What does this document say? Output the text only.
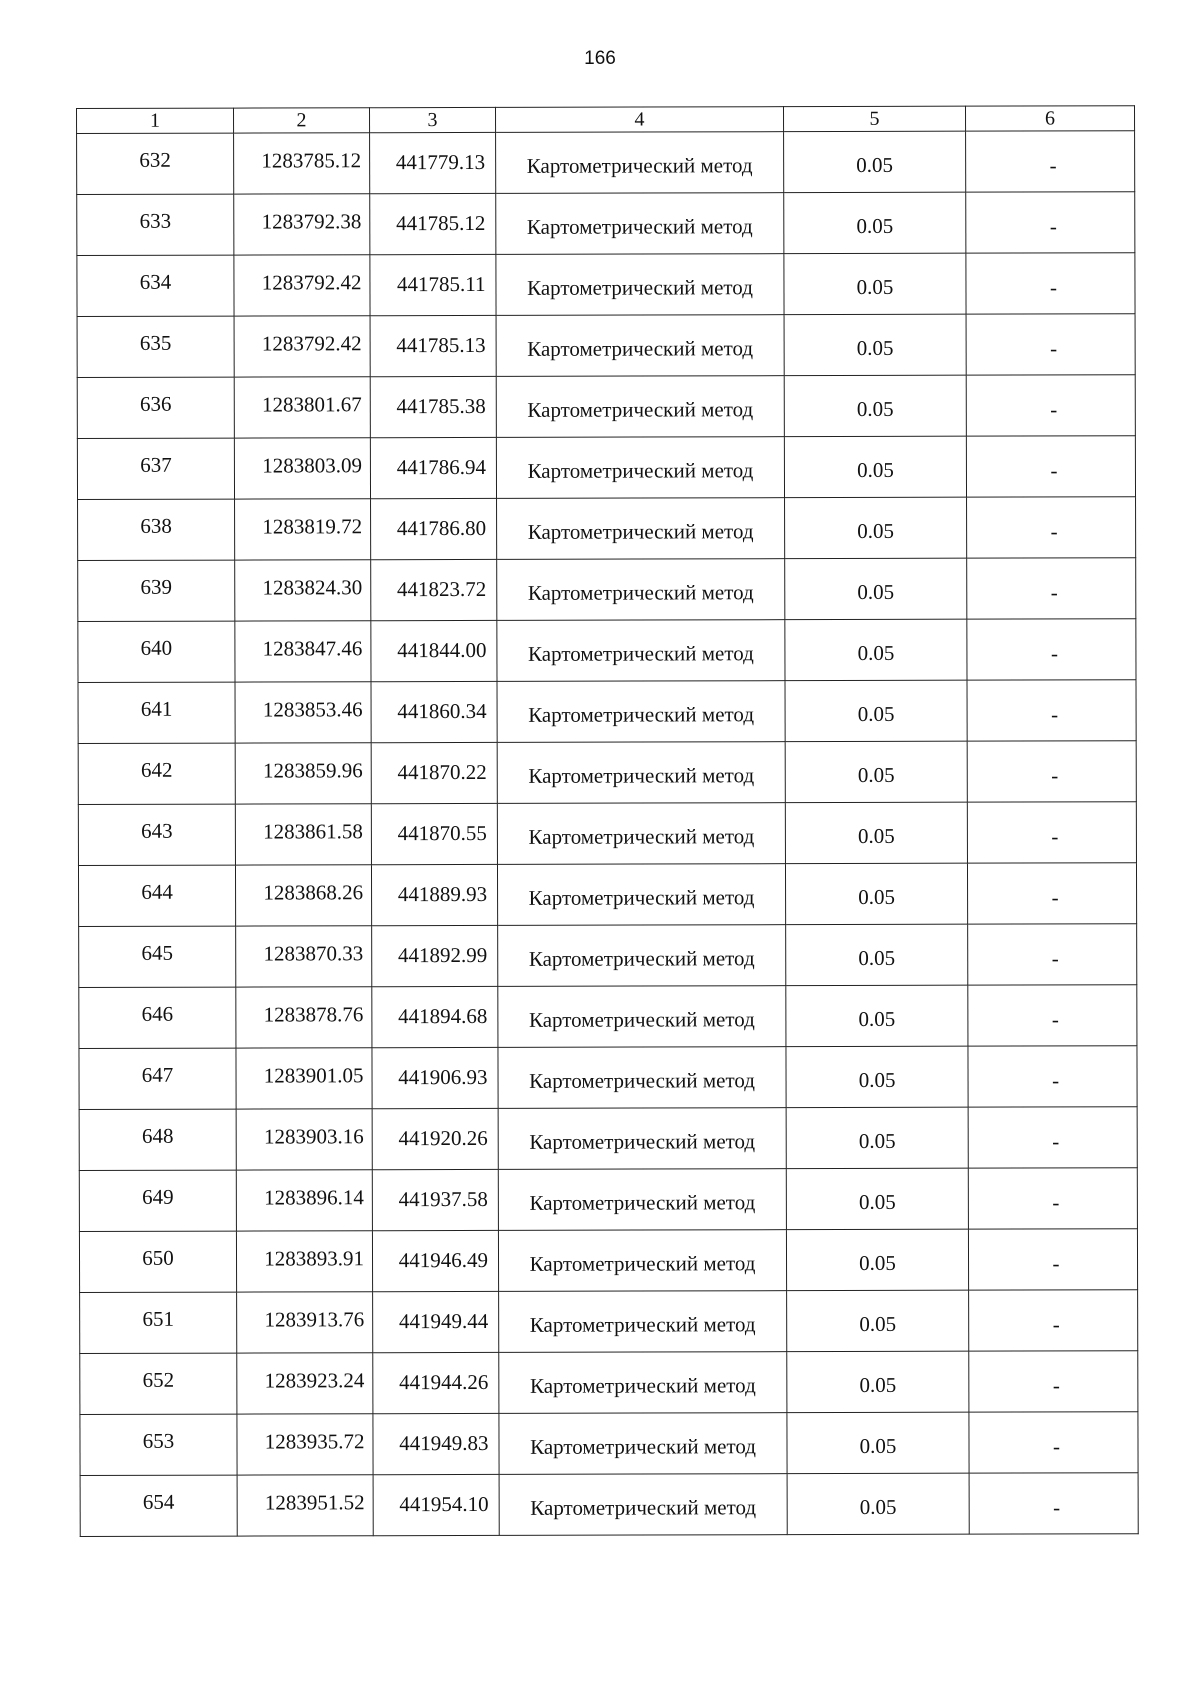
166
1	2	3	4	5	6
632	1283785.12	441779.13	Картометрический метод	0.05	-
633	1283792.38	441785.12	Картометрический метод	0.05	-
634	1283792.42	441785.11	Картометрический метод	0.05	-
635	1283792.42	441785.13	Картометрический метод	0.05	-
636	1283801.67	441785.38	Картометрический метод	0.05	-
637	1283803.09	441786.94	Картометрический метод	0.05	-
638	1283819.72	441786.80	Картометрический метод	0.05	-
639	1283824.30	441823.72	Картометрический метод	0.05	-
640	1283847.46	441844.00	Картометрический метод	0.05	-
641	1283853.46	441860.34	Картометрический метод	0.05	-
642	1283859.96	441870.22	Картометрический метод	0.05	-
643	1283861.58	441870.55	Картометрический метод	0.05	-
644	1283868.26	441889.93	Картометрический метод	0.05	-
645	1283870.33	441892.99	Картометрический метод	0.05	-
646	1283878.76	441894.68	Картометрический метод	0.05	-
647	1283901.05	441906.93	Картометрический метод	0.05	-
648	1283903.16	441920.26	Картометрический метод	0.05	-
649	1283896.14	441937.58	Картометрический метод	0.05	-
650	1283893.91	441946.49	Картометрический метод	0.05	-
651	1283913.76	441949.44	Картометрический метод	0.05	-
652	1283923.24	441944.26	Картометрический метод	0.05	-
653	1283935.72	441949.83	Картометрический метод	0.05	-
654	1283951.52	441954.10	Картометрический метод	0.05	-
